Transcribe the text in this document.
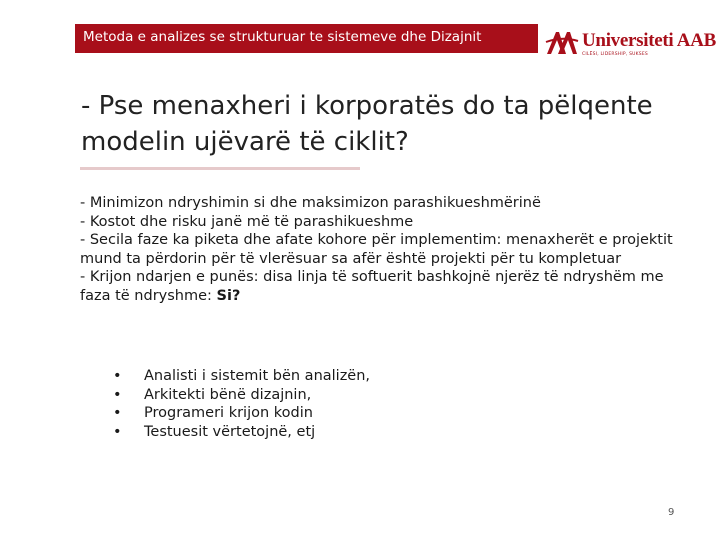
Metoda e analizes se strukturuar te sistemeve dhe Dizajnit	Universiteti AAB
CILËSI, LIDERSHIP, SUKSES
- Pse menaxheri i korporatës do ta pëlqente
modelin ujëvarë të ciklit?

- Minimizon ndryshimin si dhe maksimizon parashikueshmërinë

- Kostot dhe risku janë më të parashikueshme

- Secila faze ka piketa dhe afate kohore për implementim: menaxherët e projektit mund ta përdorin për të vlerësuar sa afër është projekti për tu kompletuar

- Krijon ndarjen e punës: disa linja të softuerit bashkojnë njerëz të ndryshëm me faza të ndryshme: Si?

• Analisti i sistemit bën analizën,
• Arkitekti bënë dizajnin,
• Programeri krijon kodin
• Testuesit vërtetojnë, etj
9
